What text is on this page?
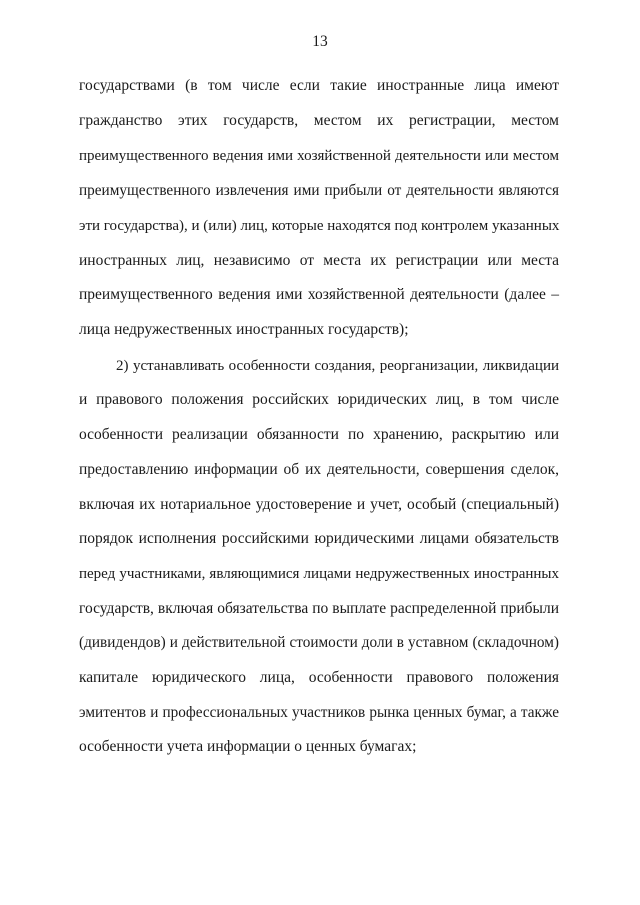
13
государствами (в том числе если такие иностранные лица имеют
гражданство этих государств, местом их регистрации, местом
преимущественного ведения ими хозяйственной деятельности или местом
преимущественного извлечения ими прибыли от деятельности являются
эти государства), и (или) лиц, которые находятся под контролем указанных
иностранных лиц, независимо от места их регистрации или места
преимущественного ведения ими хозяйственной деятельности (далее –
лица недружественных иностранных государств);
2) устанавливать особенности создания, реорганизации, ликвидации
и правового положения российских юридических лиц, в том числе
особенности реализации обязанности по хранению, раскрытию или
предоставлению информации об их деятельности, совершения сделок,
включая их нотариальное удостоверение и учет, особый (специальный)
порядок исполнения российскими юридическими лицами обязательств
перед участниками, являющимися лицами недружественных иностранных
государств, включая обязательства по выплате распределенной прибыли
(дивидендов) и действительной стоимости доли в уставном (складочном)
капитале юридического лица, особенности правового положения
эмитентов и профессиональных участников рынка ценных бумаг, а также
особенности учета информации о ценных бумагах;
